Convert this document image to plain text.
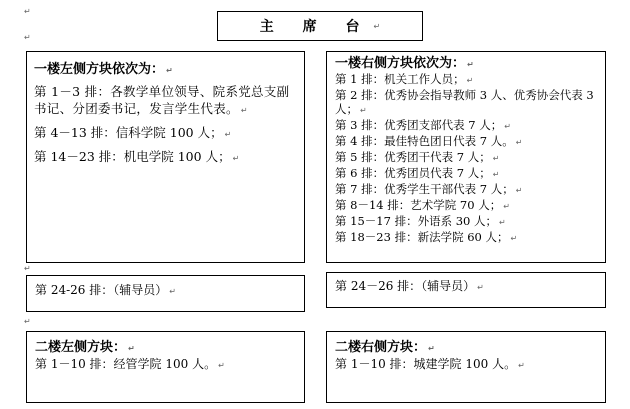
↵
↵
↵
↵
主 席 台 ↵
一楼左侧方块依次为： ↵
第 1－3 排：各教学单位领导、院系党总支副书记、分团委书记，发言学生代表。 ↵
第 4－13 排：信科学院 100 人； ↵
第 14－23 排：机电学院 100 人； ↵
一楼右侧方块依次为： ↵
第 1 排：机关工作人员； ↵
第 2 排：优秀协会指导教师 3 人、优秀协会代表 3 人； ↵
第 3 排：优秀团支部代表 7 人； ↵
第 4 排：最佳特色团日代表 7 人。 ↵
第 5 排：优秀团干代表 7 人； ↵
第 6 排：优秀团员代表 7 人； ↵
第 7 排：优秀学生干部代表 7 人； ↵
第 8－14 排：艺术学院 70 人； ↵
第 15－17 排：外语系 30 人； ↵
第 18－23 排：新法学院 60 人； ↵
第 24-26 排：（辅导员） ↵	第 24－26 排：（辅导员） ↵
二楼左侧方块： ↵
第 1－10 排：经管学院 100 人。 ↵
二楼右侧方块： ↵
第 1－10 排：城建学院 100 人。 ↵
